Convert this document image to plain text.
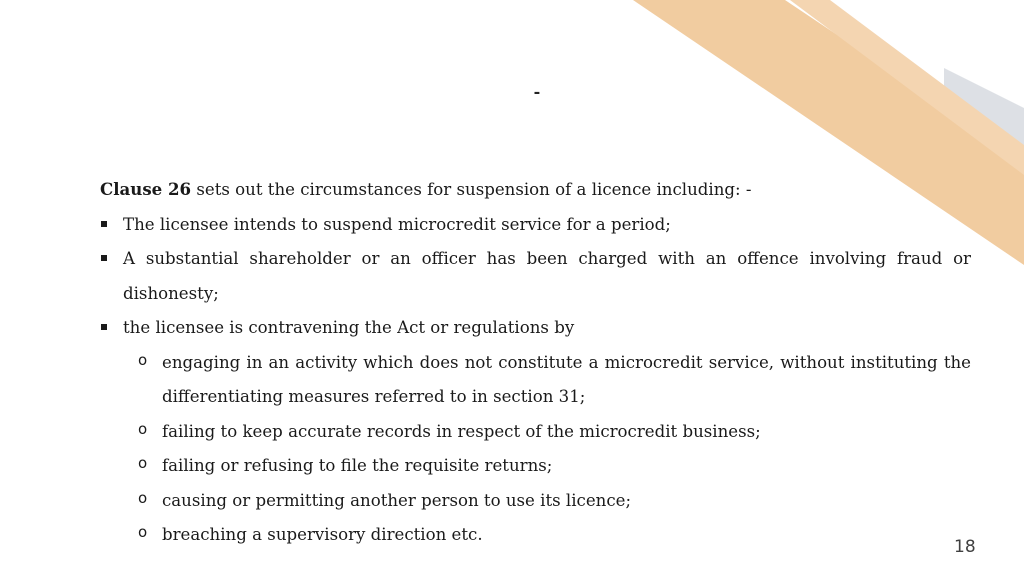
-

Clause 26 sets out the circumstances for suspension of a licence including: -

The licensee intends to suspend microcredit service for a period;
A substantial shareholder or an officer has been charged with an offence involving fraud or dishonesty;
the licensee is contravening the Act or regulations by
o engaging in an activity which does not constitute a microcredit service, without instituting the differentiating measures referred to in section 31;
o failing to keep accurate records in respect of the microcredit business;
o failing or refusing to file the requisite returns;
o causing or permitting another person to use its licence;
o breaching a supervisory direction etc.
18
